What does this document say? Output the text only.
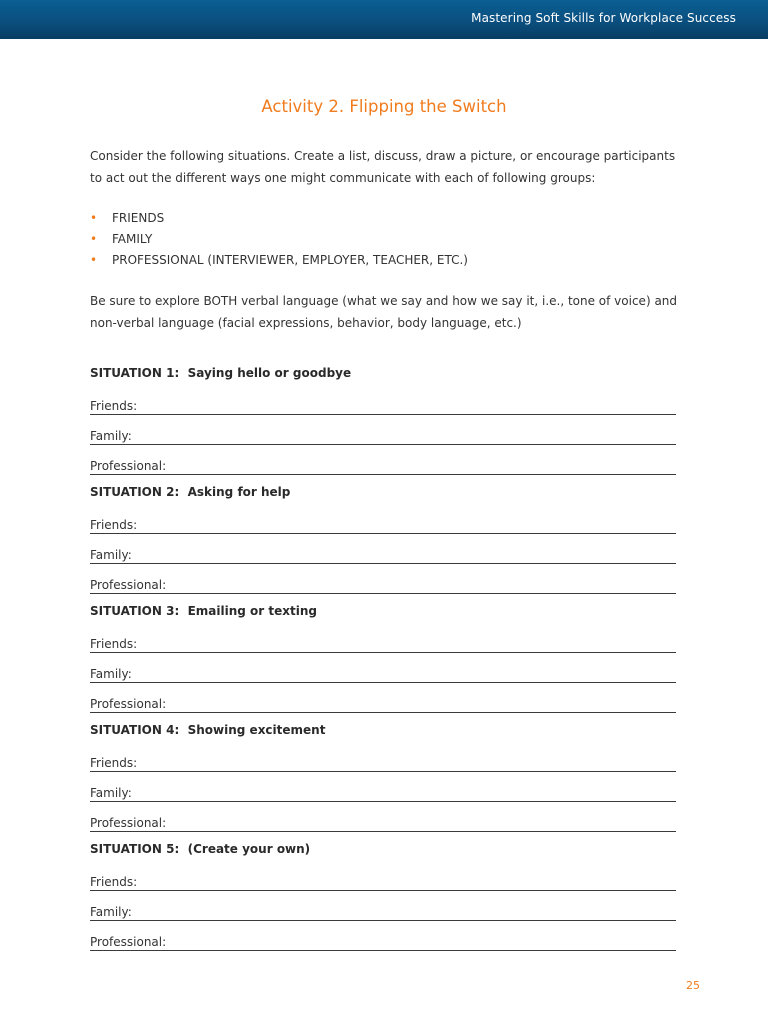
Mastering Soft Skills for Workplace Success
Activity 2. Flipping the Switch
Consider the following situations. Create a list, discuss, draw a picture, or encourage participants to act out the different ways one might communicate with each of following groups:
• FRIENDS
• FAMILY
• PROFESSIONAL (INTERVIEWER, EMPLOYER, TEACHER, ETC.)
Be sure to explore BOTH verbal language (what we say and how we say it, i.e., tone of voice) and non-verbal language (facial expressions, behavior, body language, etc.)
SITUATION 1: Saying hello or goodbye
Friends:
Family:
Professional:
SITUATION 2: Asking for help
Friends:
Family:
Professional:
SITUATION 3: Emailing or texting
Friends:
Family:
Professional:
SITUATION 4: Showing excitement
Friends:
Family:
Professional:
SITUATION 5: (Create your own)
Friends:
Family:
Professional:
25
